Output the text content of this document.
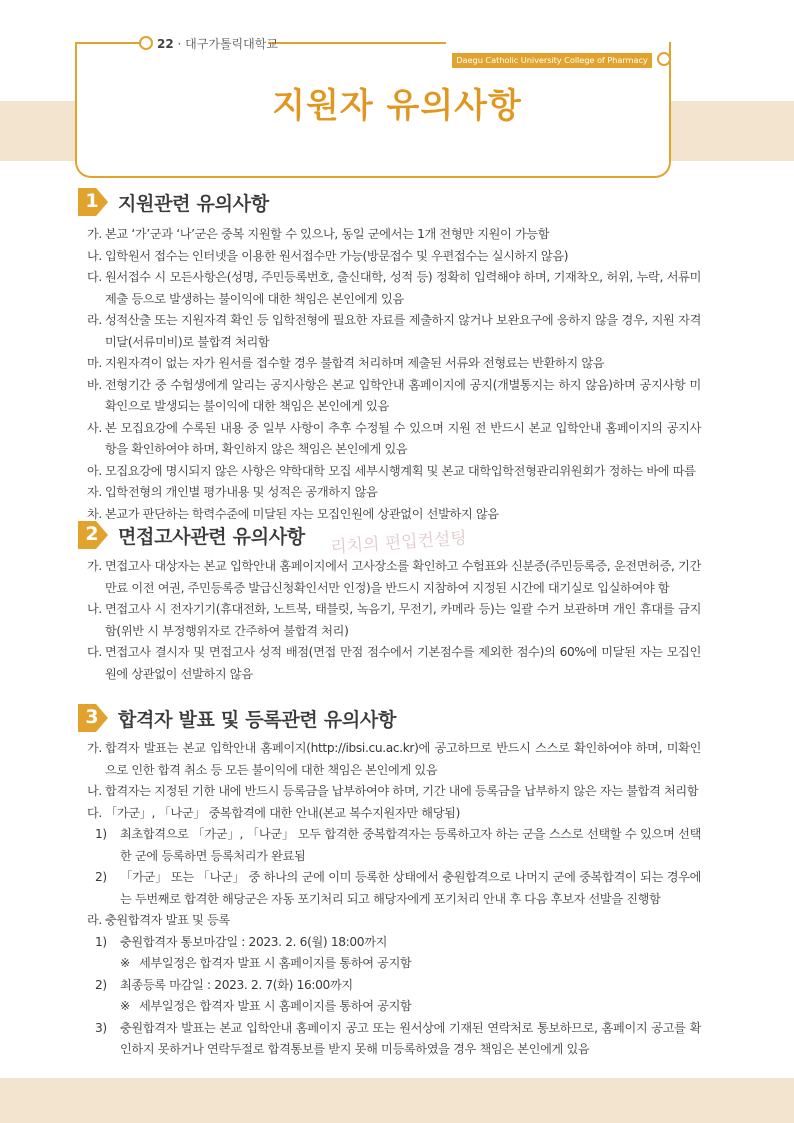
22 · 대구가톨릭대학교
Daegu Catholic University College of Pharmacy
지원자 유의사항
1	지원관련 유의사항
가. 본교 ‘가’군과 ‘나’군은 중복 지원할 수 있으나, 동일 군에서는 1개 전형만 지원이 가능함
나. 입학원서 접수는 인터넷을 이용한 원서접수만 가능(방문접수 및 우편접수는 실시하지 않음)
다. 원서접수 시 모든사항은(성명, 주민등록번호, 출신대학, 성적 등) 정확히 입력해야 하며, 기재착오, 허위, 누락, 서류미제출 등으로 발생하는 불이익에 대한 책임은 본인에게 있음
라. 성적산출 또는 지원자격 확인 등 입학전형에 필요한 자료를 제출하지 않거나 보완요구에 응하지 않을 경우, 지원 자격미달(서류미비)로 불합격 처리함
마. 지원자격이 없는 자가 원서를 접수할 경우 불합격 처리하며 제출된 서류와 전형료는 반환하지 않음
바. 전형기간 중 수험생에게 알리는 공지사항은 본교 입학안내 홈페이지에 공지(개별통지는 하지 않음)하며 공지사항 미확인으로 발생되는 불이익에 대한 책임은 본인에게 있음
사. 본 모집요강에 수록된 내용 중 일부 사항이 추후 수정될 수 있으며 지원 전 반드시 본교 입학안내 홈페이지의 공지사항을 확인하여야 하며, 확인하지 않은 책임은 본인에게 있음
아. 모집요강에 명시되지 않은 사항은 약학대학 모집 세부시행계획 및 본교 대학입학전형관리위원회가 정하는 바에 따름
자. 입학전형의 개인별 평가내용 및 성적은 공개하지 않음
차. 본교가 판단하는 학력수준에 미달된 자는 모집인원에 상관없이 선발하지 않음
2	면접고사관련 유의사항
가. 면접고사 대상자는 본교 입학안내 홈페이지에서 고사장소를 확인하고 수험표와 신분증(주민등록증, 운전면허증, 기간만료 이전 여권, 주민등록증 발급신청확인서만 인정)을 반드시 지참하여 지정된 시간에 대기실로 입실하여야 함
나. 면접고사 시 전자기기(휴대전화, 노트북, 태블릿, 녹음기, 무전기, 카메라 등)는 일괄 수거 보관하며 개인 휴대를 금지함(위반 시 부정행위자로 간주하여 불합격 처리)
다. 면접고사 결시자 및 면접고사 성적 배점(면접 만점 점수에서 기본점수를 제외한 점수)의 60%에 미달된 자는 모집인원에 상관없이 선발하지 않음
3	합격자 발표 및 등록관련 유의사항
가. 합격자 발표는 본교 입학안내 홈페이지(http://ibsi.cu.ac.kr)에 공고하므로 반드시 스스로 확인하여야 하며, 미확인으로 인한 합격 취소 등 모든 불이익에 대한 책임은 본인에게 있음
나. 합격자는 지정된 기한 내에 반드시 등록금을 납부하여야 하며, 기간 내에 등록금을 납부하지 않은 자는 불합격 처리함
다. 「가군」, 「나군」 중복합격에 대한 안내(본교 복수지원자만 해당됨)
1) 최초합격으로 「가군」, 「나군」 모두 합격한 중복합격자는 등록하고자 하는 군을 스스로 선택할 수 있으며 선택한 군에 등록하면 등록처리가 완료됨
2) 「가군」 또는 「나군」 중 하나의 군에 이미 등록한 상태에서 충원합격으로 나머지 군에 중복합격이 되는 경우에는 두번째로 합격한 해당군은 자동 포기처리 되고 해당자에게 포기처리 안내 후 다음 후보자 선발을 진행함
라. 충원합격자 발표 및 등록
1) 충원합격자 통보마감일 : 2023. 2. 6(월) 18:00까지
※ 세부일정은 합격자 발표 시 홈페이지를 통하여 공지함
2) 최종등록 마감일 : 2023. 2. 7(화) 16:00까지
※ 세부일정은 합격자 발표 시 홈페이지를 통하여 공지함
3) 충원합격자 발표는 본교 입학안내 홈페이지 공고 또는 원서상에 기재된 연락처로 통보하므로, 홈페이지 공고를 확인하지 못하거나 연락두절로 합격통보를 받지 못해 미등록하였을 경우 책임은 본인에게 있음
리치의 편입컨설팅
